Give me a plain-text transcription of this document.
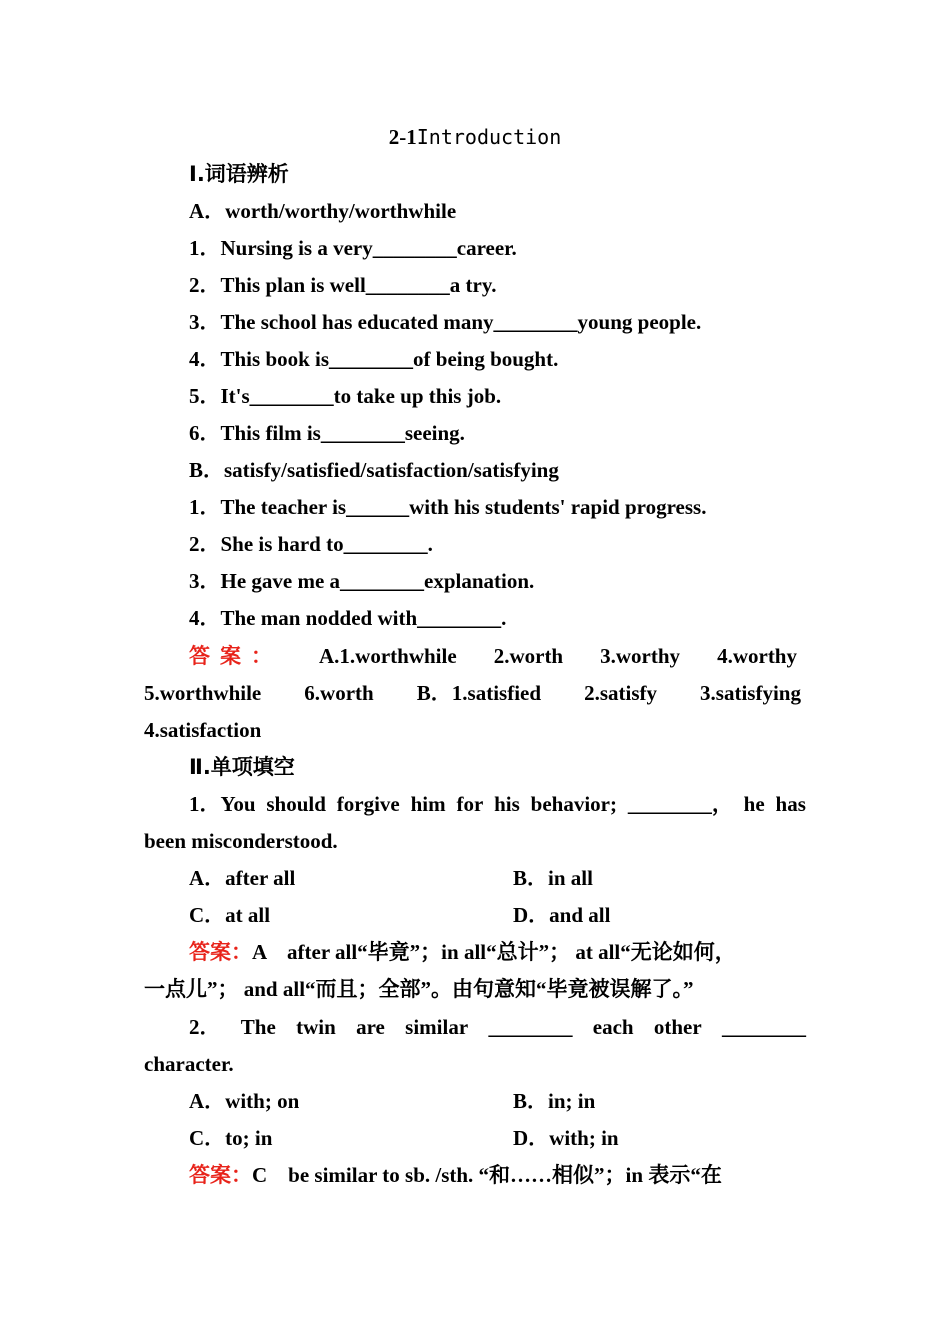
2-1Introduction
Ⅰ.词语辨析
A．worth/worthy/worthwhile
1．Nursing is a very________career.
2．This plan is well________a try.
3．The school has educated many________young people.
4．This book is________of being bought.
5．It's________to take up this job.
6．This film is________seeing.
B．satisfy/satisfied/satisfaction/satisfying
1．The teacher is______with his students' rapid progress.
2．She is hard to________.
3．He gave me a________explanation.
4．The man nodded with________.
答案： A.1.worthwhile 2.worth 3.worthy 4.worthy
5.worthwhile 6.worth B．1.satisfied 2.satisfy 3.satisfying
4.satisfaction
Ⅱ.单项填空
1．You should forgive him for his behavior; ________， he has
been misconderstood.
A．after all	B．in all
C．at all	D．and all
答案：A　after all“毕竟”；in all“总计”； at all“无论如何，
一点儿”； and all“而且；全部”。由句意知“毕竟被误解了。”
2． The twin are similar ________ each other ________
character.
A．with; on	B．in; in
C．to; in	D．with; in
答案：C　be similar to sb. /sth. “和……相似”；in 表示“在
